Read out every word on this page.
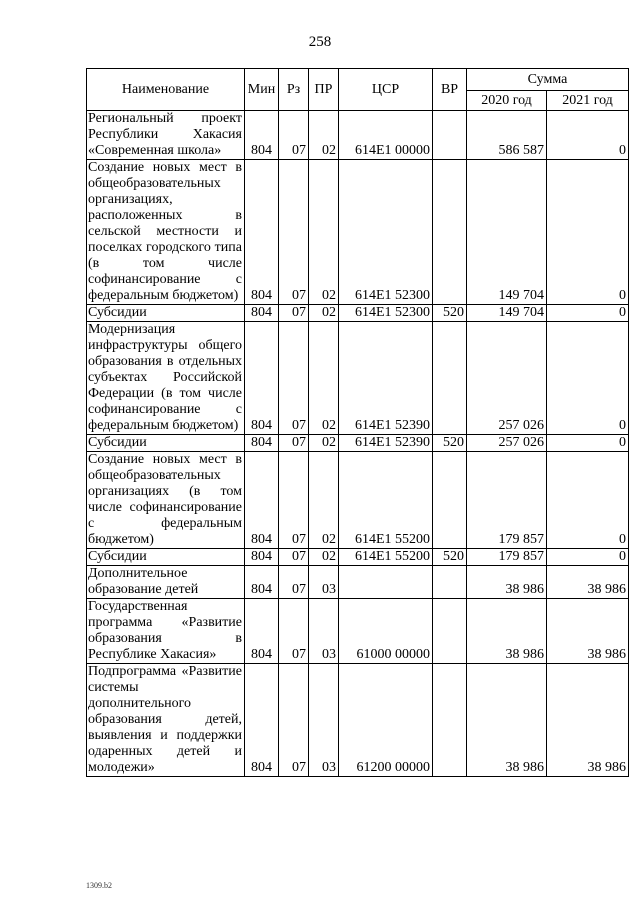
258
Наименование	Мин	Рз	ПР	ЦСР	ВР	Сумма	
						2020 год	2021 год
Региональный проект Республики Хакасия «Современная школа»	804	07	02	614E1 00000		586 587	0
Создание новых мест в общеобразовательных организациях, расположенных в сельской местности и поселках городского типа (в том числе софинансирование с федеральным бюджетом)	804	07	02	614E1 52300		149 704	0
Субсидии	804	07	02	614E1 52300	520	149 704	0
Модернизация инфраструктуры общего образования в отдельных субъектах Российской Федерации (в том числе софинансирование с федеральным бюджетом)	804	07	02	614E1 52390		257 026	0
Субсидии	804	07	02	614E1 52390	520	257 026	0
Создание новых мест в общеобразовательных организациях (в том числе софинансирование с федеральным бюджетом)	804	07	02	614E1 55200		179 857	0
Субсидии	804	07	02	614E1 55200	520	179 857	0
Дополнительное образование детей	804	07	03			38 986	38 986
Государственная программа «Развитие образования в Республике Хакасия»	804	07	03	61000 00000		38 986	38 986
Подпрограмма «Развитие системы дополнительного образования детей, выявления и поддержки одаренных детей и молодежи»	804	07	03	61200 00000		38 986	38 986
1309.b2
